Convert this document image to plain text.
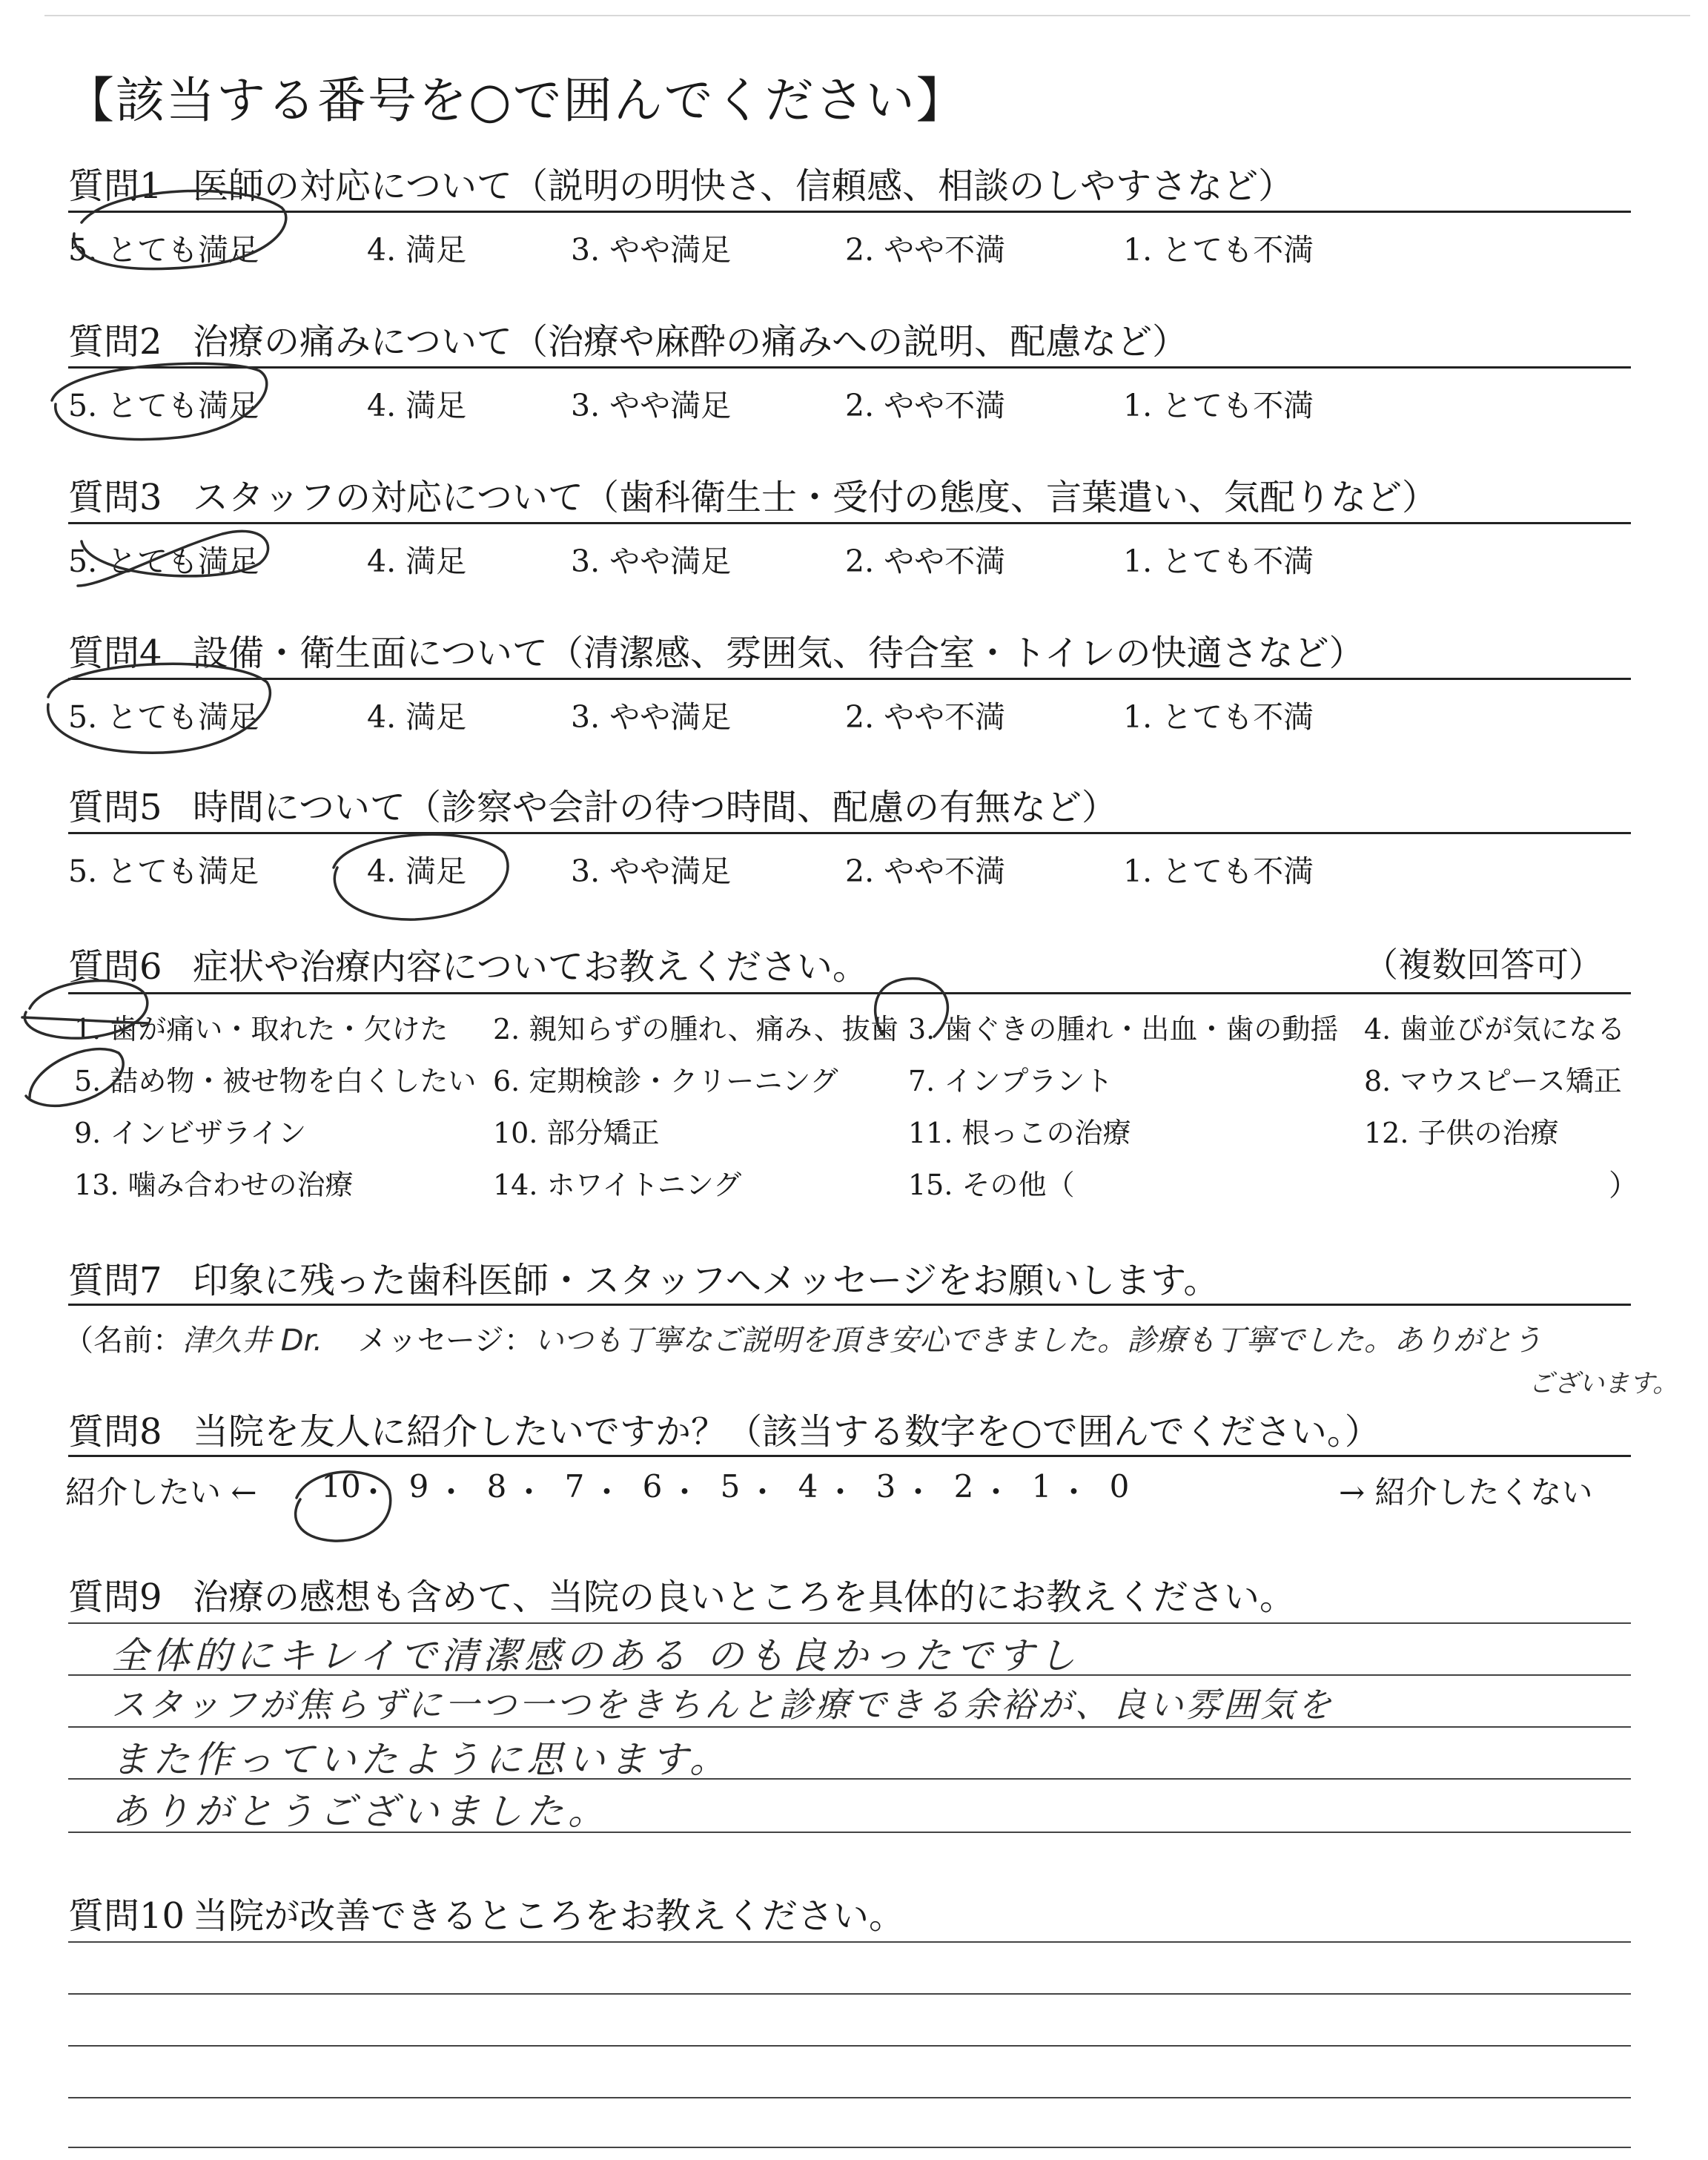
【該当する番号を○で囲んでください】
質問1 医師の対応について（説明の明快さ、信頼感、相談のしやすさなど）
5. とても満足	4. 満足	3. やや満足	2. やや不満	1. とても不満
質問2 治療の痛みについて（治療や麻酔の痛みへの説明、配慮など）
5. とても満足	4. 満足	3. やや満足	2. やや不満	1. とても不満
質問3 スタッフの対応について（歯科衛生士・受付の態度、言葉遣い、気配りなど）
5. とても満足	4. 満足	3. やや満足	2. やや不満	1. とても不満
質問4 設備・衛生面について（清潔感、雰囲気、待合室・トイレの快適さなど）
5. とても満足	4. 満足	3. やや満足	2. やや不満	1. とても不満
質問5 時間について（診察や会計の待つ時間、配慮の有無など）
5. とても満足	4. 満足	3. やや満足	2. やや不満	1. とても不満
質問6 症状や治療内容についてお教えください。	（複数回答可）
1. 歯が痛い・取れた・欠けた 2. 親知らずの腫れ、痛み、抜歯 3. 歯ぐきの腫れ・出血・歯の動揺 4. 歯並びが気になる
5. 詰め物・被せ物を白くしたい 6. 定期検診・クリーニング 7. インプラント	8. マウスピース矯正
9. インビザライン	10. 部分矯正	11. 根っこの治療	12. 子供の治療
13. 噛み合わせの治療	14. ホワイトニング	15. その他（	）
質問7 印象に残った歯科医師・スタッフへメッセージをお願いします。
（名前：津久井 Dr. メッセージ：いつも丁寧なご説明を頂き安心できました。診療も丁寧でした。ありがとう
ございます。
質問8 当院を友人に紹介したいですか？（該当する数字を○で囲んでください。）
紹介したい ← 10
・ 9 ・ 8 ・ 7 ・ 6 ・ 5 ・ 4 ・ 3 ・ 2 ・ 1 ・ 0	→ 紹介したくない
質問9 治療の感想も含めて、当院の良いところを具体的にお教えください。
全体的にキレイで清潔感のある のも良かったですし
スタッフが焦らずに一つ一つをきちんと診療できる余裕が、良い雰囲気を
また作っていたように思います。
ありがとうございました。
質問10 当院が改善できるところをお教えください。
